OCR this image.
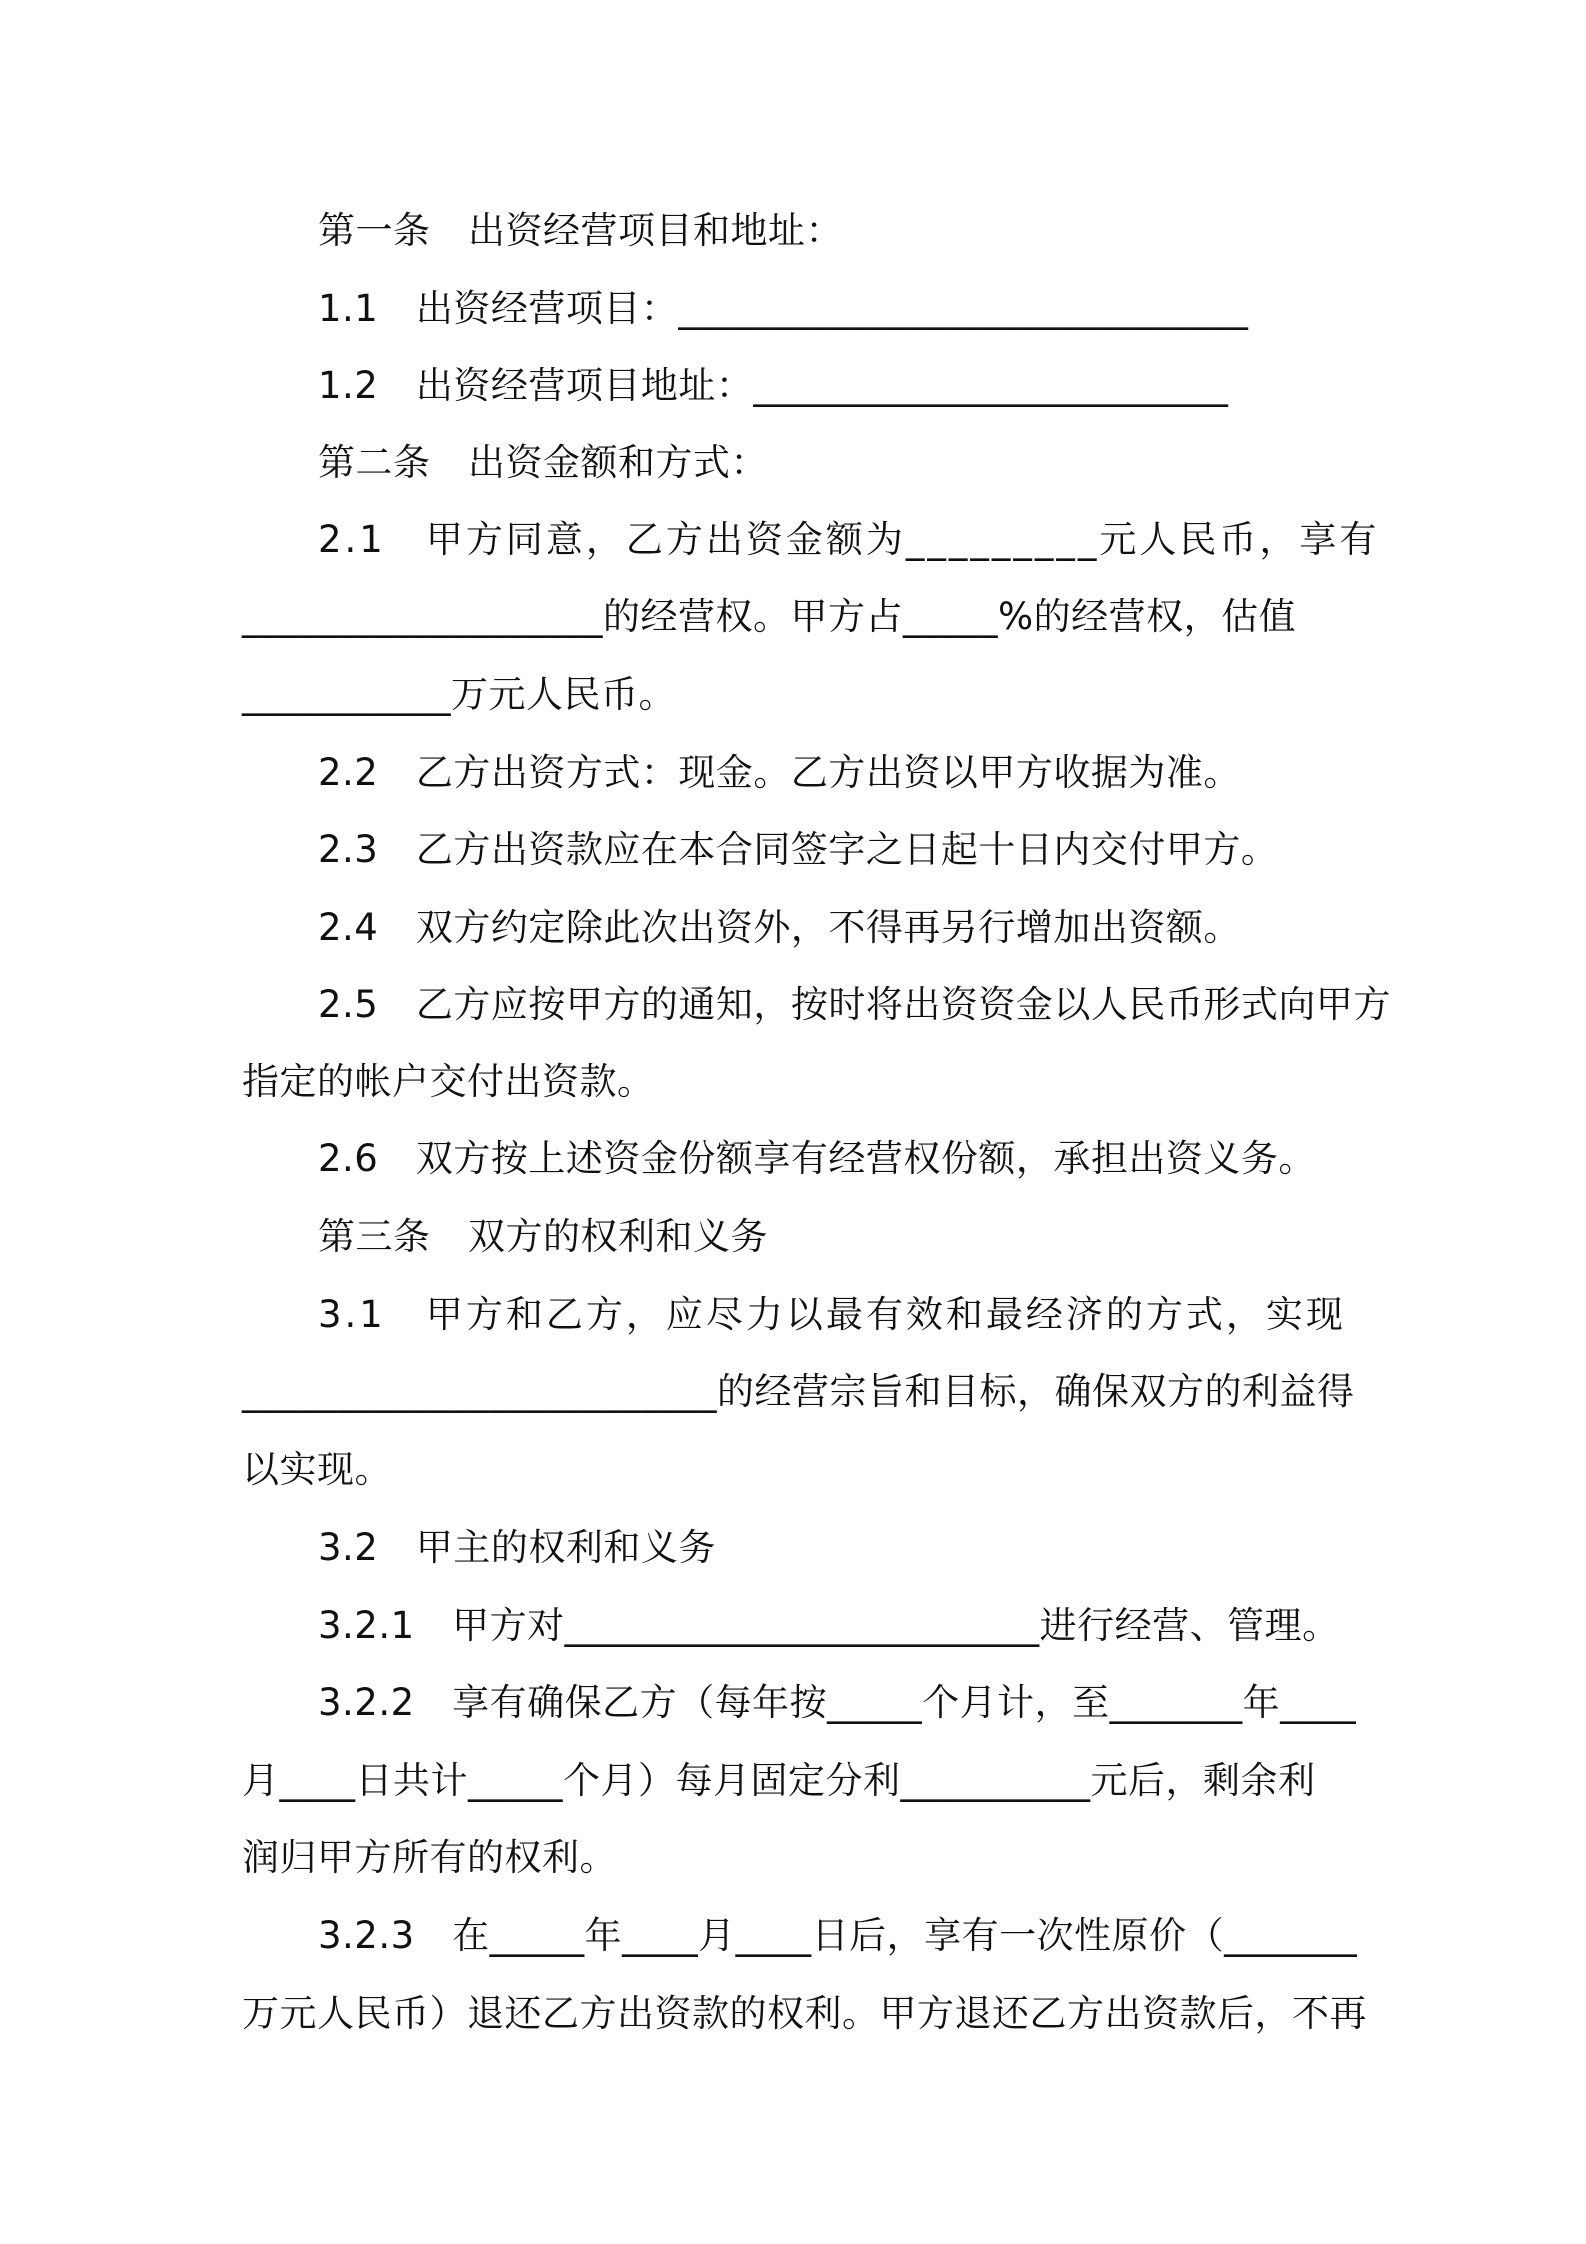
第一条　出资经营项目和地址：
1.1　出资经营项目：______________________________
1.2　出资经营项目地址：_________________________
第二条　出资金额和方式：
2.1　甲方同意，乙方出资金额为_________元人民币，享有
___________________的经营权。甲方占_____%的经营权，估值
___________万元人民币。
2.2　乙方出资方式：现金。乙方出资以甲方收据为准。
2.3　乙方出资款应在本合同签字之日起十日内交付甲方。
2.4　双方约定除此次出资外，不得再另行增加出资额。
2.5　乙方应按甲方的通知，按时将出资资金以人民币形式向甲方
指定的帐户交付出资款。
2.6　双方按上述资金份额享有经营权份额，承担出资义务。
第三条　双方的权利和义务
3.1　甲方和乙方，应尽力以最有效和最经济的方式，实现
_________________________的经营宗旨和目标，确保双方的利益得
以实现。
3.2　甲主的权利和义务
3.2.1　甲方对_________________________进行经营、管理。
3.2.2　享有确保乙方（每年按_____个月计，至_______年____
月____日共计_____个月）每月固定分利__________元后，剩余利
润归甲方所有的权利。
3.2.3　在_____年____月____日后，享有一次性原价（_______
万元人民币）退还乙方出资款的权利。甲方退还乙方出资款后，不再
